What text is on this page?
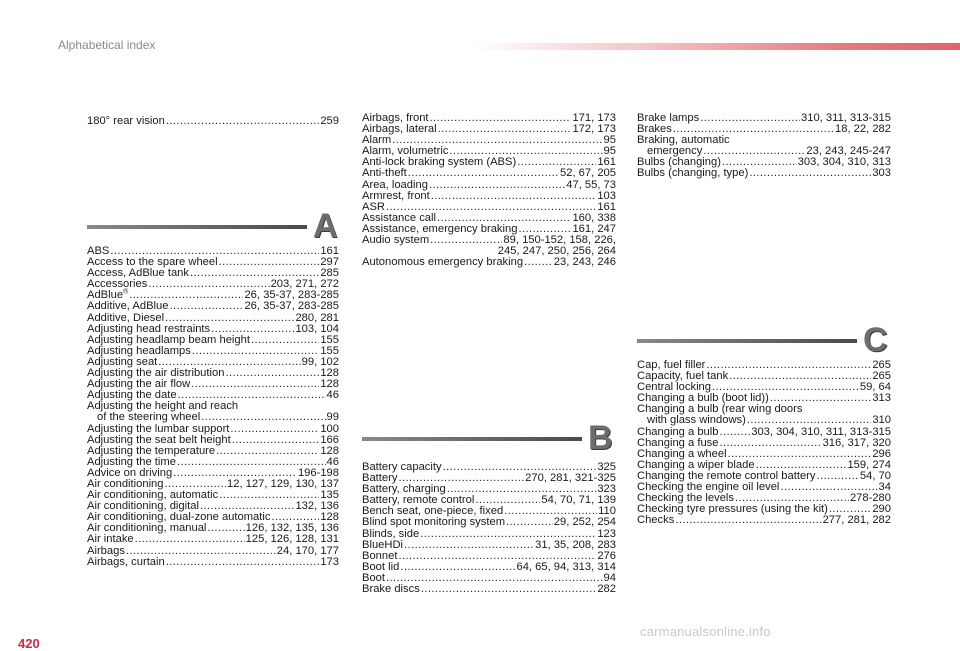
Alphabetical index
180° rear vision .....	259
A
ABS .....	161
Access to the spare wheel .....	297
Access, AdBlue tank .....	285
Accessories .....	203, 271, 272
AdBlue® .....	26, 35-37, 283-285
Additive, AdBlue .....	26, 35-37, 283-285
Additive, Diesel .....	280, 281
Adjusting head restraints .....	103, 104
Adjusting headlamp beam height .....	155
Adjusting headlamps .....	155
Adjusting seat .....	99, 102
Adjusting the air distribution .....	128
Adjusting the air flow .....	128
Adjusting the date .....	46
Adjusting the height and reach
of the steering wheel .....	99
Adjusting the lumbar support .....	100
Adjusting the seat belt height .....	166
Adjusting the temperature .....	128
Adjusting the time .....	46
Advice on driving .....	196-198
Air conditioning .....	12, 127, 129, 130, 137
Air conditioning, automatic .....	135
Air conditioning, digital .....	132, 136
Air conditioning, dual-zone automatic .....	128
Air conditioning, manual .....	126, 132, 135, 136
Air intake .....	125, 126, 128, 131
Airbags .....	24, 170, 177
Airbags, curtain .....	173
Airbags, front .....	171, 173
Airbags, lateral .....	172, 173
Alarm .....	95
Alarm, volumetric .....	95
Anti-lock braking system (ABS) .....	161
Anti-theft .....	52, 67, 205
Area, loading .....	47, 55, 73
Armrest, front .....	103
ASR .....	161
Assistance call .....	160, 338
Assistance, emergency braking .....	161, 247
Audio system .....	89, 150-152, 158, 226,
245, 247, 250, 256, 264
Autonomous emergency braking .....	23, 243, 246
B
Battery capacity .....	325
Battery .....	270, 281, 321-325
Battery, charging .....	323
Battery, remote control .....	54, 70, 71, 139
Bench seat, one-piece, fixed .....	110
Blind spot monitoring system .....	29, 252, 254
Blinds, side .....	123
BlueHDi .....	31, 35, 208, 283
Bonnet .....	276
Boot lid .....	64, 65, 94, 313, 314
Boot .....	94
Brake discs .....	282
Brake lamps .....	310, 311, 313-315
Brakes .....	18, 22, 282
Braking, automatic
emergency .....	23, 243, 245-247
Bulbs (changing) .....	303, 304, 310, 313
Bulbs (changing, type) .....	303
C
Cap, fuel filler .....	265
Capacity, fuel tank .....	265
Central locking .....	59, 64
Changing a bulb (boot lid)) .....	313
Changing a bulb (rear wing doors
with glass windows) .....	310
Changing a bulb .....	303, 304, 310, 311, 313-315
Changing a fuse .....	316, 317, 320
Changing a wheel .....	296
Changing a wiper blade .....	159, 274
Changing the remote control battery .....	54, 70
Checking the engine oil level .....	34
Checking the levels .....	278-280
Checking tyre pressures (using the kit) .....	290
Checks .....	277, 281, 282
420
carmanualsonline.info
